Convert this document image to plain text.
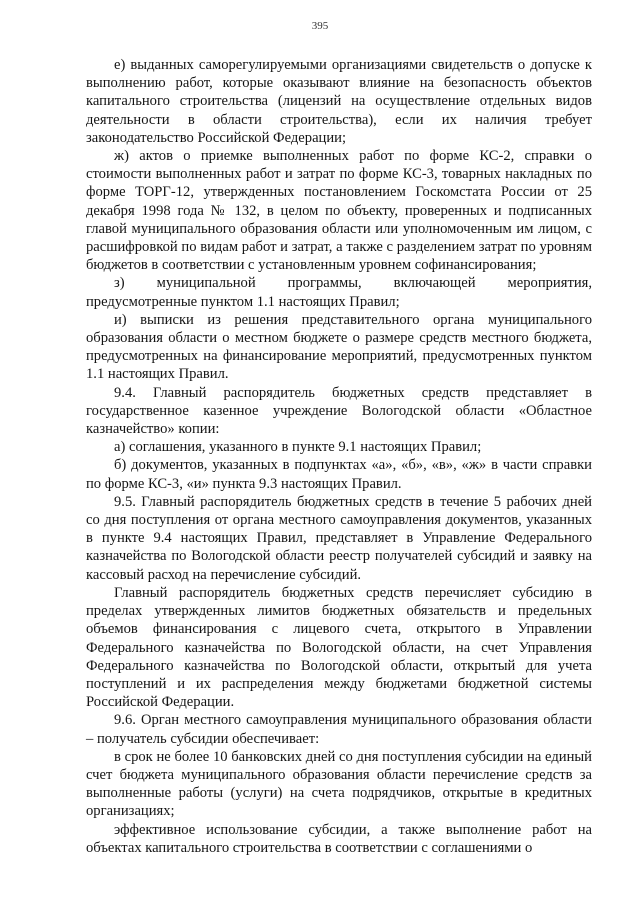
395

е) выданных саморегулируемыми организациями свидетельств о допуске к выполнению работ, которые оказывают влияние на безопасность объектов капитального строительства (лицензий на осуществление отдельных видов деятельности в области строительства), если их наличия требует законодательство Российской Федерации;

ж) актов о приемке выполненных работ по форме КС-2, справки о стоимости выполненных работ и затрат по форме КС-3, товарных накладных по форме ТОРГ-12, утвержденных постановлением Госкомстата России от 25 декабря 1998 года № 132, в целом по объекту, проверенных и подписанных главой муниципального образования области или уполномоченным им лицом, с расшифровкой по видам работ и затрат, а также с разделением затрат по уровням бюджетов в соответствии с установленным уровнем софинансирования;

з) муниципальной программы, включающей мероприятия, предусмотренные пунктом 1.1 настоящих Правил;

и) выписки из решения представительного органа муниципального образования области о местном бюджете о размере средств местного бюджета, предусмотренных на финансирование мероприятий, предусмотренных пунктом 1.1 настоящих Правил.

9.4. Главный распорядитель бюджетных средств представляет в государственное казенное учреждение Вологодской области «Областное казначейство» копии:

а) соглашения, указанного в пункте 9.1 настоящих Правил;

б) документов, указанных в подпунктах «а», «б», «в», «ж» в части справки по форме КС-3, «и» пункта 9.3 настоящих Правил.

9.5. Главный распорядитель бюджетных средств в течение 5 рабочих дней со дня поступления от органа местного самоуправления документов, указанных в пункте 9.4 настоящих Правил, представляет в Управление Федерального казначейства по Вологодской области реестр получателей субсидий и заявку на кассовый расход на перечисление субсидий.

Главный распорядитель бюджетных средств перечисляет субсидию в пределах утвержденных лимитов бюджетных обязательств и предельных объемов финансирования с лицевого счета, открытого в Управлении Федерального казначейства по Вологодской области, на счет Управления Федерального казначейства по Вологодской области, открытый для учета поступлений и их распределения между бюджетами бюджетной системы Российской Федерации.

9.6. Орган местного самоуправления муниципального образования области – получатель субсидии обеспечивает:

в срок не более 10 банковских дней со дня поступления субсидии на единый счет бюджета муниципального образования области перечисление средств за выполненные работы (услуги) на счета подрядчиков, открытые в кредитных организациях;

эффективное использование субсидии, а также выполнение работ на объектах капитального строительства в соответствии с соглашениями о
